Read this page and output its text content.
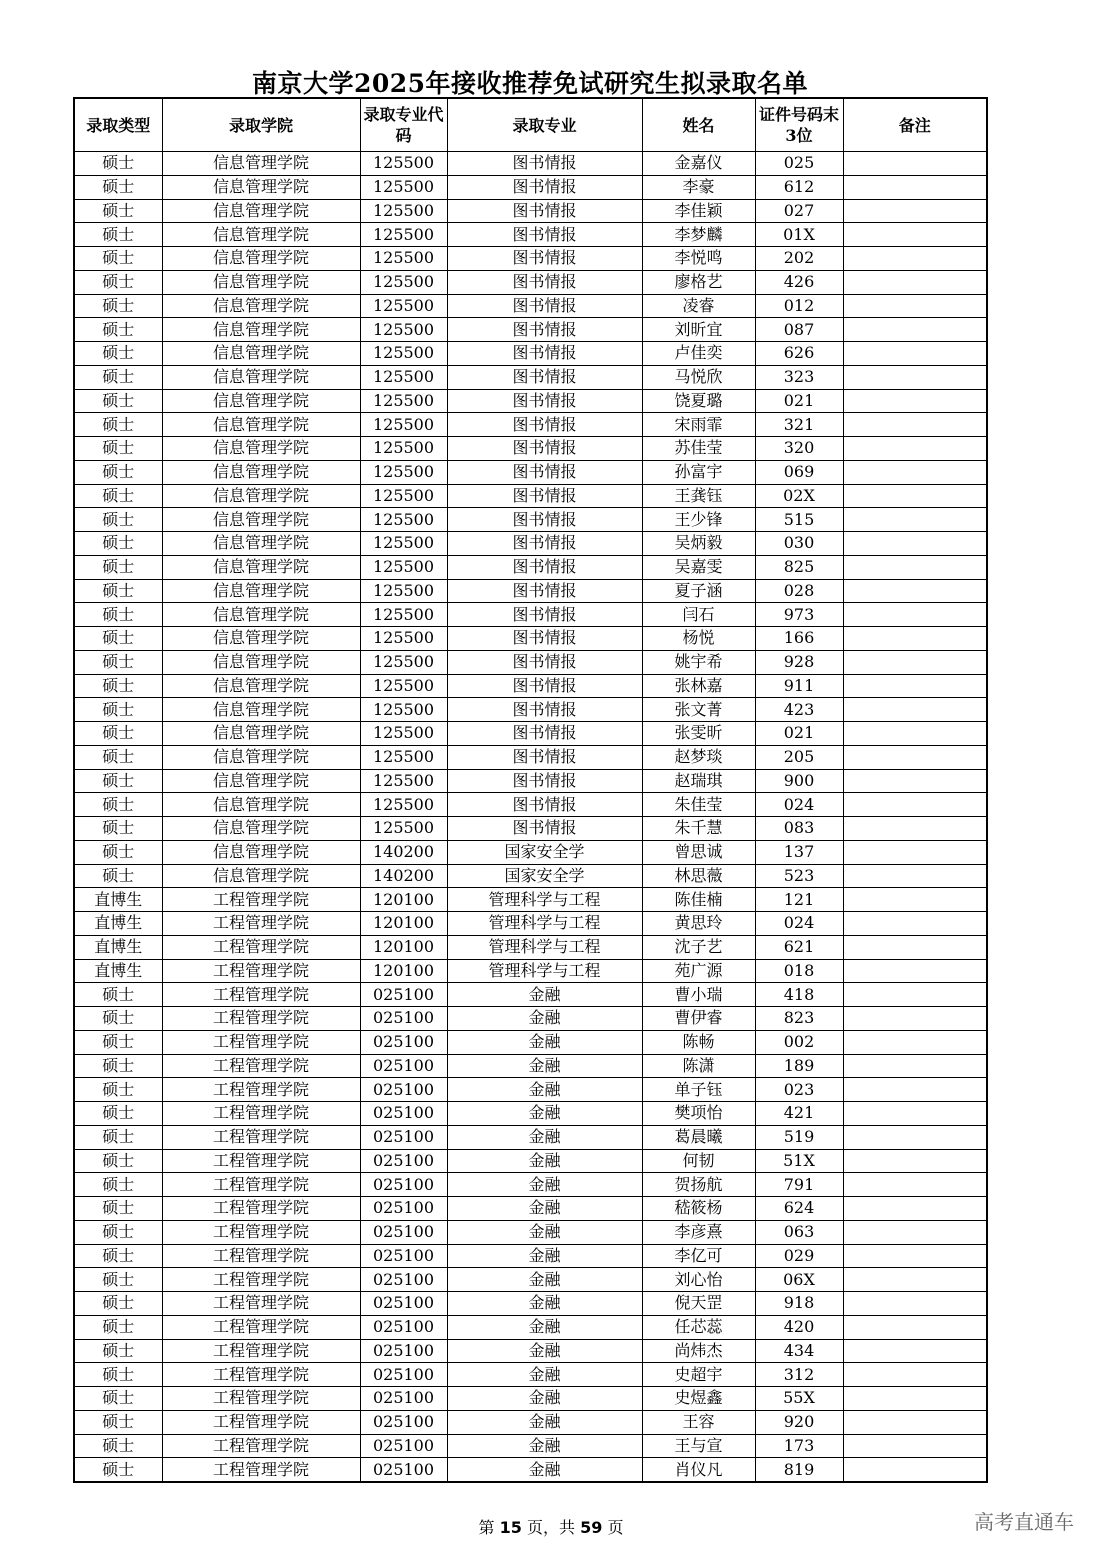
南京大学2025年接收推荐免试研究生拟录取名单
录取类型	录取学院	录取专业代码	录取专业	姓名	证件号码末3位	备注
硕士	信息管理学院	125500	图书情报	金嘉仪	025	
硕士	信息管理学院	125500	图书情报	李豪	612	
硕士	信息管理学院	125500	图书情报	李佳颖	027	
硕士	信息管理学院	125500	图书情报	李梦麟	01X	
硕士	信息管理学院	125500	图书情报	李悦鸣	202	
硕士	信息管理学院	125500	图书情报	廖格艺	426	
硕士	信息管理学院	125500	图书情报	凌睿	012	
硕士	信息管理学院	125500	图书情报	刘昕宜	087	
硕士	信息管理学院	125500	图书情报	卢佳奕	626	
硕士	信息管理学院	125500	图书情报	马悦欣	323	
硕士	信息管理学院	125500	图书情报	饶夏璐	021	
硕士	信息管理学院	125500	图书情报	宋雨霏	321	
硕士	信息管理学院	125500	图书情报	苏佳莹	320	
硕士	信息管理学院	125500	图书情报	孙富宇	069	
硕士	信息管理学院	125500	图书情报	王龚钰	02X	
硕士	信息管理学院	125500	图书情报	王少锋	515	
硕士	信息管理学院	125500	图书情报	吴炳毅	030	
硕士	信息管理学院	125500	图书情报	吴嘉雯	825	
硕士	信息管理学院	125500	图书情报	夏子涵	028	
硕士	信息管理学院	125500	图书情报	闫石	973	
硕士	信息管理学院	125500	图书情报	杨悦	166	
硕士	信息管理学院	125500	图书情报	姚宇希	928	
硕士	信息管理学院	125500	图书情报	张林嘉	911	
硕士	信息管理学院	125500	图书情报	张文菁	423	
硕士	信息管理学院	125500	图书情报	张雯昕	021	
硕士	信息管理学院	125500	图书情报	赵梦琰	205	
硕士	信息管理学院	125500	图书情报	赵瑞琪	900	
硕士	信息管理学院	125500	图书情报	朱佳莹	024	
硕士	信息管理学院	125500	图书情报	朱千慧	083	
硕士	信息管理学院	140200	国家安全学	曾思诚	137	
硕士	信息管理学院	140200	国家安全学	林思薇	523	
直博生	工程管理学院	120100	管理科学与工程	陈佳楠	121	
直博生	工程管理学院	120100	管理科学与工程	黄思玲	024	
直博生	工程管理学院	120100	管理科学与工程	沈子艺	621	
直博生	工程管理学院	120100	管理科学与工程	苑广源	018	
硕士	工程管理学院	025100	金融	曹小瑞	418	
硕士	工程管理学院	025100	金融	曹伊睿	823	
硕士	工程管理学院	025100	金融	陈畅	002	
硕士	工程管理学院	025100	金融	陈潇	189	
硕士	工程管理学院	025100	金融	单子钰	023	
硕士	工程管理学院	025100	金融	樊项怡	421	
硕士	工程管理学院	025100	金融	葛晨曦	519	
硕士	工程管理学院	025100	金融	何韧	51X	
硕士	工程管理学院	025100	金融	贺扬航	791	
硕士	工程管理学院	025100	金融	嵇筱杨	624	
硕士	工程管理学院	025100	金融	李彦熹	063	
硕士	工程管理学院	025100	金融	李亿可	029	
硕士	工程管理学院	025100	金融	刘心怡	06X	
硕士	工程管理学院	025100	金融	倪天罡	918	
硕士	工程管理学院	025100	金融	任芯蕊	420	
硕士	工程管理学院	025100	金融	尚炜杰	434	
硕士	工程管理学院	025100	金融	史超宇	312	
硕士	工程管理学院	025100	金融	史煜鑫	55X	
硕士	工程管理学院	025100	金融	王容	920	
硕士	工程管理学院	025100	金融	王与宣	173	
硕士	工程管理学院	025100	金融	肖仪凡	819	
第 15 页，共 59 页	高考直通车
